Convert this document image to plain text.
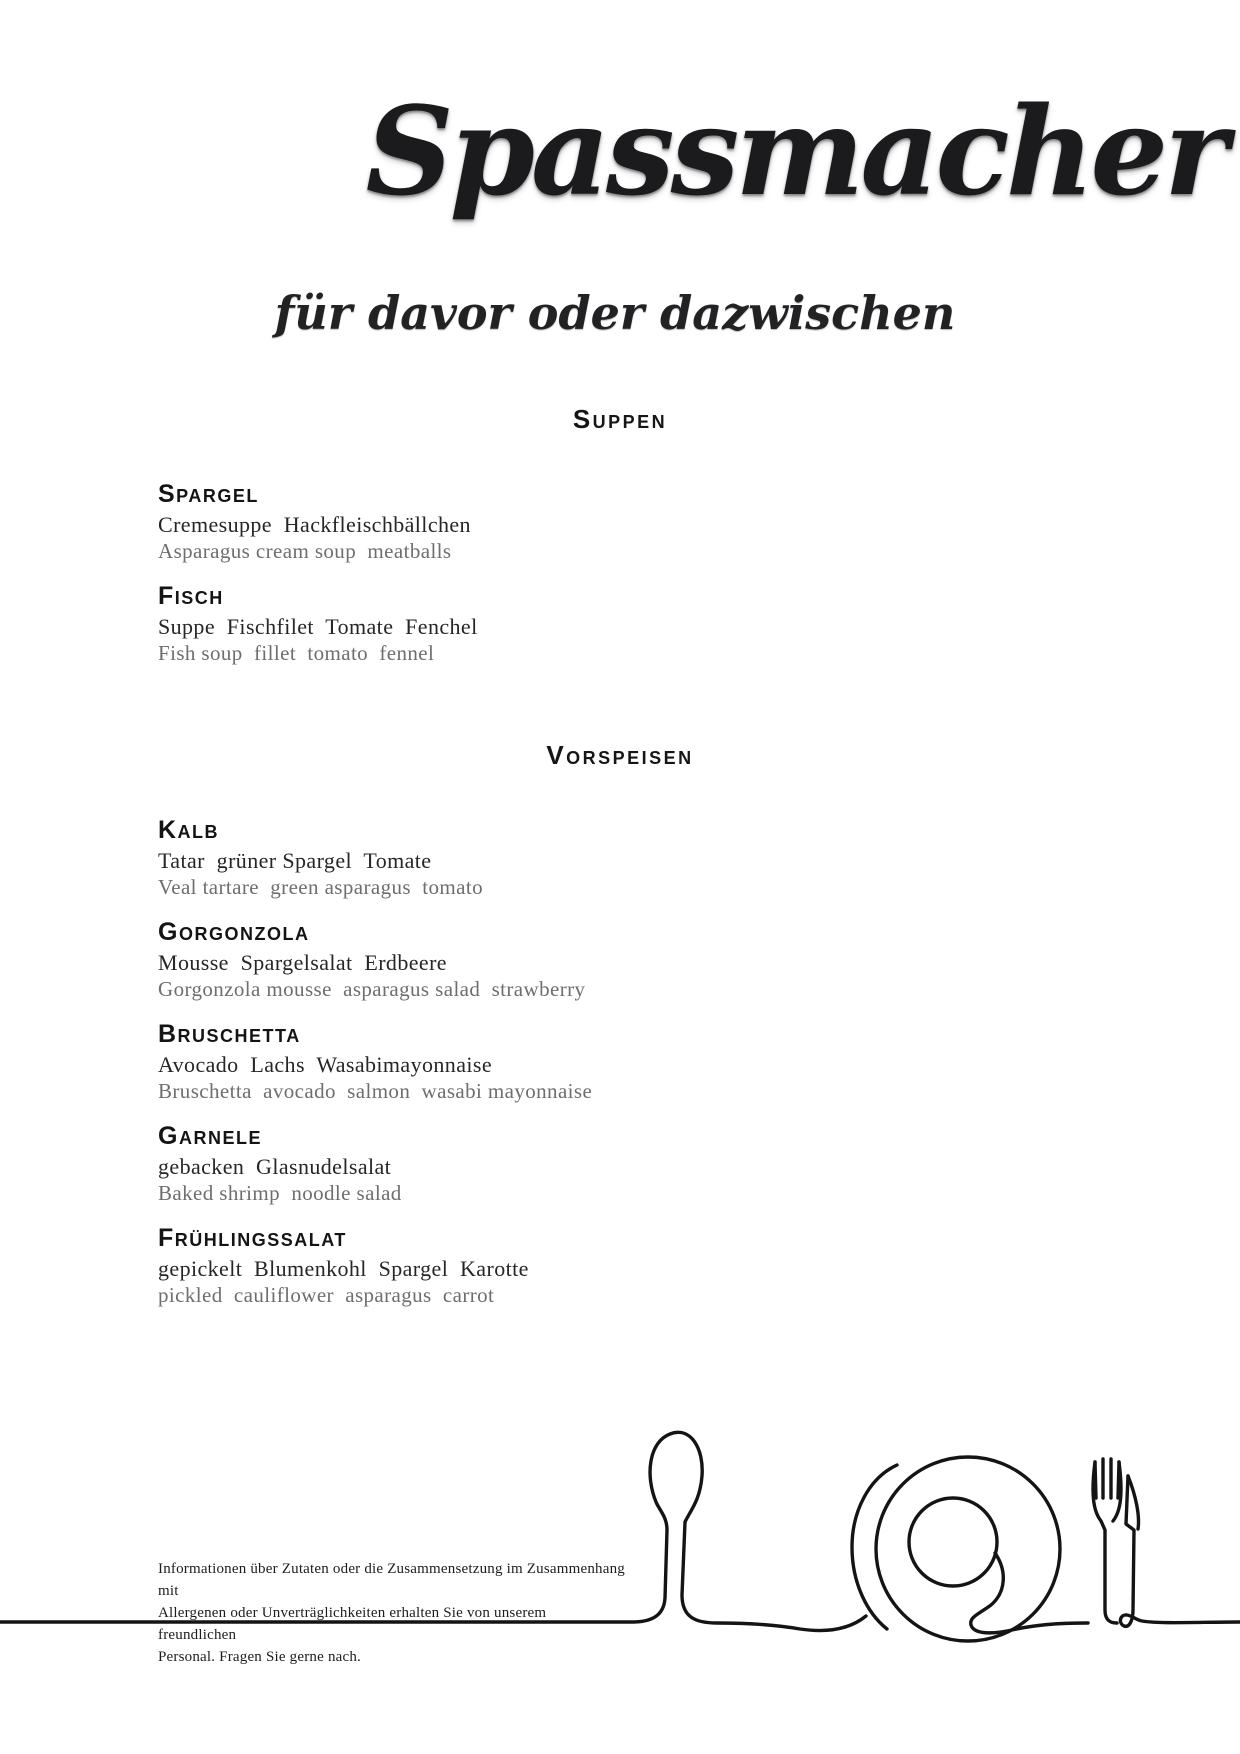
Spassmacher
für davor oder dazwischen
Suppen
Spargel
Cremesuppe  Hackfleischbällchen
Asparagus cream soup  meatballs
Fisch
Suppe  Fischfilet  Tomate  Fenchel
Fish soup  fillet  tomato  fennel
Vorspeisen
Kalb
Tatar  grüner Spargel  Tomate
Veal tartare  green asparagus  tomato
Gorgonzola
Mousse  Spargelsalat  Erdbeere
Gorgonzola mousse  asparagus salad  strawberry
Bruschetta
Avocado  Lachs  Wasabimayonnaise
Bruschetta  avocado  salmon  wasabi mayonnaise
Garnele
gebacken  Glasnudelsalat
Baked shrimp  noodle salad
Frühlingssalat
gepickelt  Blumenkohl  Spargel  Karotte
pickled  cauliflower  asparagus  carrot
Informationen über Zutaten oder die Zusammensetzung im Zusammenhang mit
Allergenen oder Unverträglichkeiten erhalten Sie von unserem freundlichen
Personal. Fragen Sie gerne nach.
